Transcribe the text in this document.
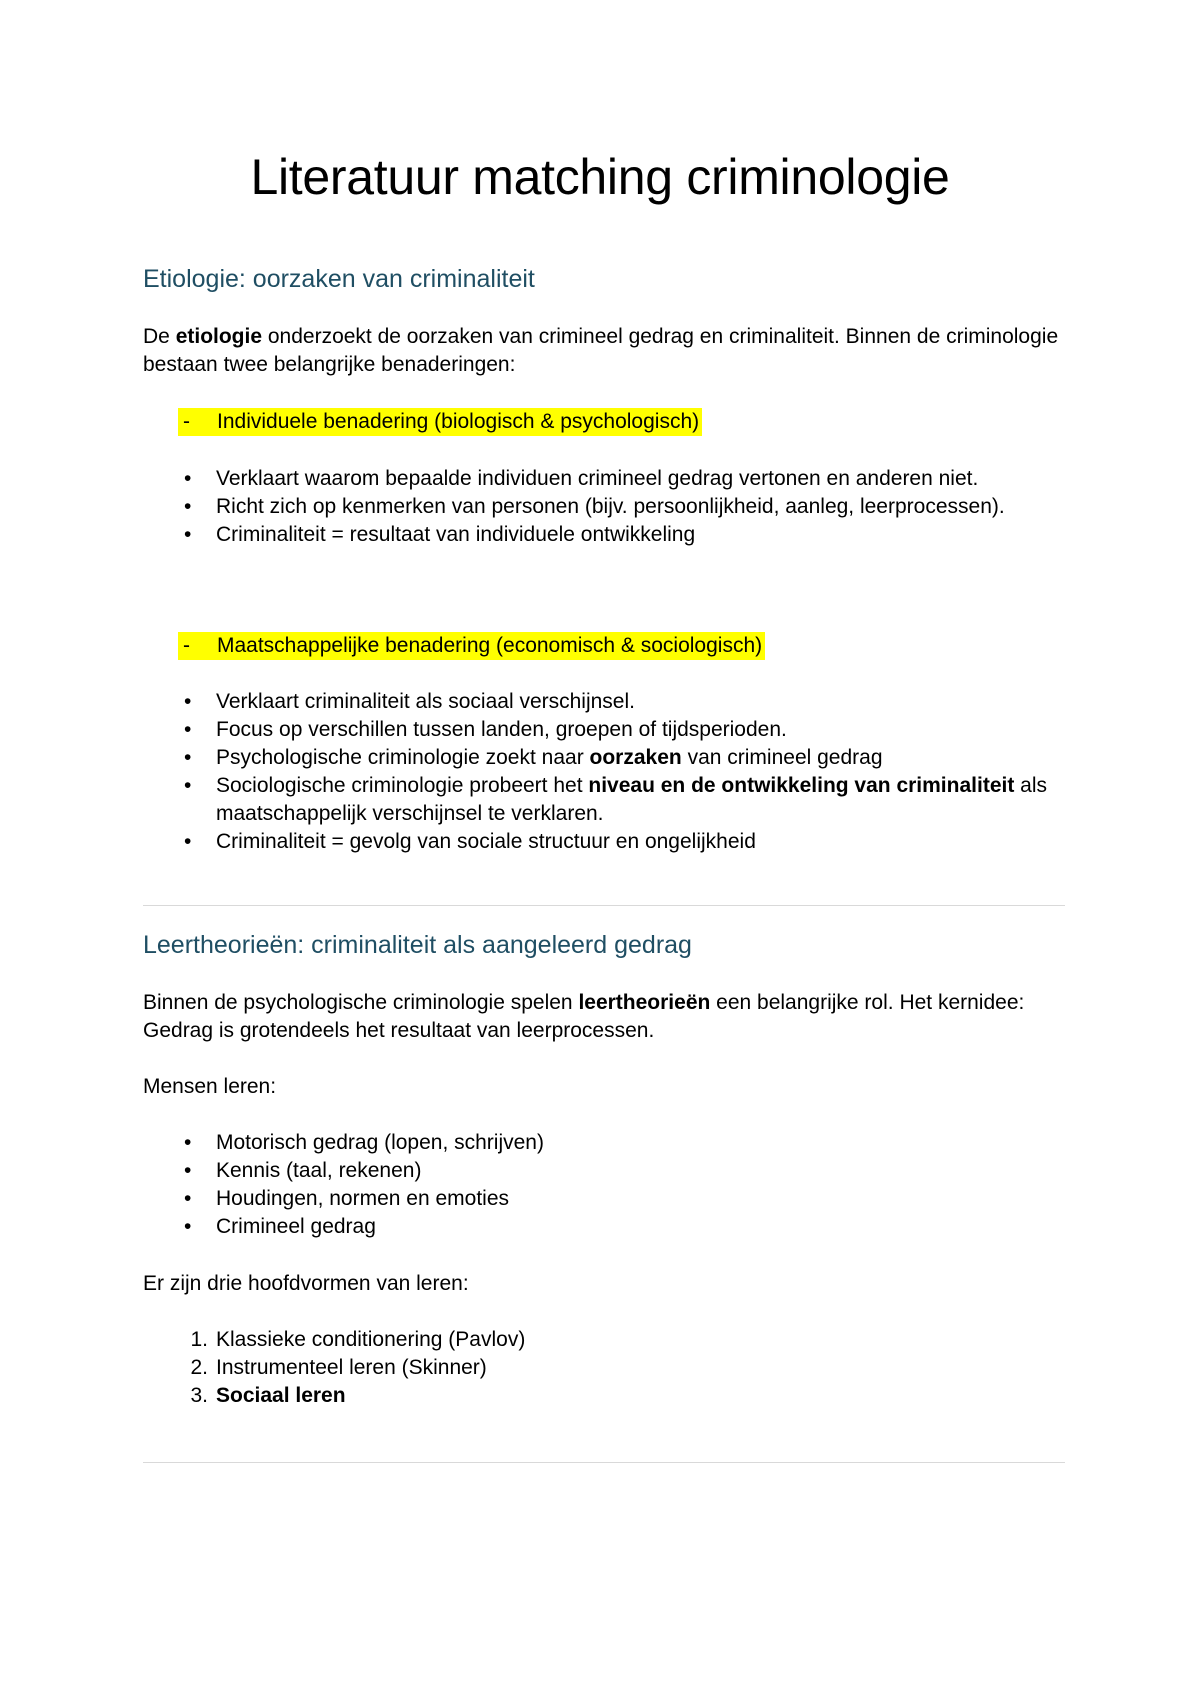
Literatuur matching criminologie
Etiologie: oorzaken van criminaliteit

De etiologie onderzoekt de oorzaken van crimineel gedrag en criminaliteit. Binnen de criminologie bestaan twee belangrijke benaderingen:

- Individuele benadering (biologisch & psychologisch)
• Verklaart waarom bepaalde individuen crimineel gedrag vertonen en anderen niet.
• Richt zich op kenmerken van personen (bijv. persoonlijkheid, aanleg, leerprocessen).
• Criminaliteit = resultaat van individuele ontwikkeling
- Maatschappelijke benadering (economisch & sociologisch)
• Verklaart criminaliteit als sociaal verschijnsel.
• Focus op verschillen tussen landen, groepen of tijdsperioden.
• Psychologische criminologie zoekt naar oorzaken van crimineel gedrag
• Sociologische criminologie probeert het niveau en de ontwikkeling van criminaliteit als maatschappelijk verschijnsel te verklaren.
• Criminaliteit = gevolg van sociale structuur en ongelijkheid
Leertheorieën: criminaliteit als aangeleerd gedrag

Binnen de psychologische criminologie spelen leertheorieën een belangrijke rol. Het kernidee: Gedrag is grotendeels het resultaat van leerprocessen.

Mensen leren:

• Motorisch gedrag (lopen, schrijven)
• Kennis (taal, rekenen)
• Houdingen, normen en emoties
• Crimineel gedrag

Er zijn drie hoofdvormen van leren:

1. Klassieke conditionering (Pavlov)
2. Instrumenteel leren (Skinner)
3. Sociaal leren
